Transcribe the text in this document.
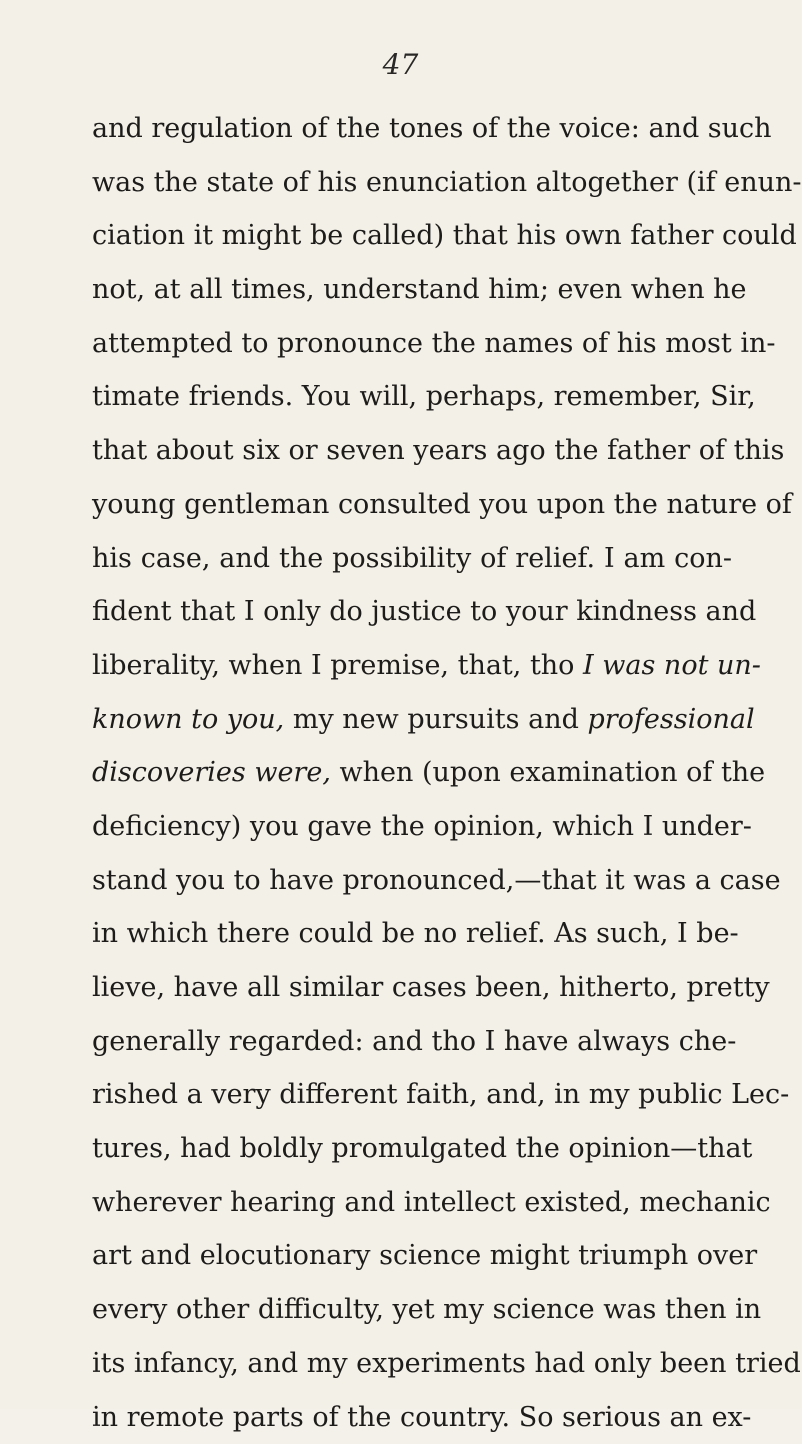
47
and regulation of the tones of the voice: and such
was the state of his enunciation altogether (if enun-
ciation it might be called) that his own father could
not, at all times, understand him; even when he
attempted to pronounce the names of his most in-
timate friends. You will, perhaps, remember, Sir,
that about six or seven years ago the father of this
young gentleman consulted you upon the nature of
his case, and the possibility of relief. I am con-
fident that I only do justice to your kindness and
liberality, when I premise, that, tho I was not un-
known to you, my new pursuits and professional
discoveries were, when (upon examination of the
deficiency) you gave the opinion, which I under-
stand you to have pronounced,—that it was a case
in which there could be no relief. As such, I be-
lieve, have all similar cases been, hitherto, pretty
generally regarded: and tho I have always che-
rished a very different faith, and, in my public Lec-
tures, had boldly promulgated the opinion—that
wherever hearing and intellect existed, mechanic
art and elocutionary science might triumph over
every other difficulty, yet my science was then in
its infancy, and my experiments had only been tried
in remote parts of the country. So serious an ex-
